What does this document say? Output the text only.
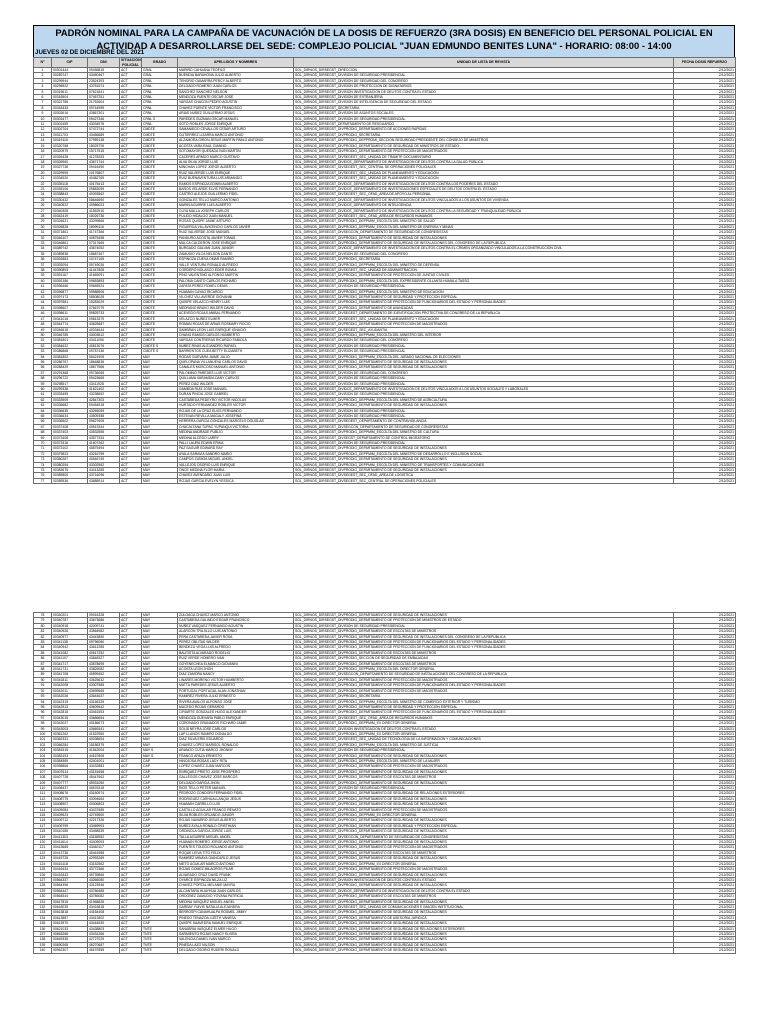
PADRÓN NOMINAL PARA LA CAMPAÑA DE VACUNACIÓN DE LA DOSIS DE REFUERZO (3RA DOSIS) EN BENEFICIO DEL PERSONAL POLICIAL EN ACTIVIDAD A DESARROLLARSE DEL SEDE: COMPLEJO POLICIAL "JUAN EDMUNDO BENITES LUNA" - HORARIO: 08:00 - 14:00
JUEVES 02 DE DICIEMBRE DEL 2021
N°	CIP	DNI	SITUACION POLICIAL	GRADO	APELLIDOS Y NOMBRES	UNIDAD DE LISTA DE REVISTA	FECHA DOSIS REFUERZO
1	00301444	09456815	ACT	GRAL	MARIÑO CAHUANA TEOFILO	SOL_DIRNOS_DIRSEGST_DIRECCION	2/12/2021
2	00289747	43450467	ACT	GRAL	BUENDIA BARAHONA JULIO ALBERTO	SOL_DIRNOS_DIRSEGST_DIVISION DE SEGURIDAD PRESIDENCIAL	2/12/2021
3	00299944	23524393	ACT	CRNL	TENORIO GAMARRA PERCY ALBERTO	SOL_DIRNOS_DIRSEGST_DIVISION DE SEGURIDAD DEL CONGRESO	2/12/2021
4	00296522	43781574	ACT	CRNL	DELGADO ROMERO JUAN CARLOS	SOL_DIRNOS_DIRSEGST_DIVISION DE PROTECCION DE DIGNATARIOS	2/12/2021
5	00315611	07621841	ACT	CRNL	SANCHEZ SANCHEZ NELSON	SOL_DIRNOS_DIRSEGST_DIVISION INVESTIGACION DE DELITOS CONTRA EL ESTADO	2/12/2021
6	00316504	07467251	ACT	CRNL	MENDOZA PUENTE OSCAR JOSE	SOL_DIRNOS_DIRSEGST_DIVISION DE EXTRANJERIA	2/12/2021
7	00322786	21752604	ACT	CRNL	VARGAS CHACON PEDRO AGUSTIN	SOL_DIRNOS_DIRSEGST_DIVISION DE INTELIGENCIA DE SEGURIDAD DEL ESTADO	2/12/2021
8	00318433	09744959	ACT	CRNL	CHAVEZ PUENTE VICTOR FRANCISCO	SOL_DIRNOS_DIRSEGST_SECRETARIA	2/12/2021
9	00302616	43867301	ACT	CRNL	ARIAS NUÑEZ GUILLERMO JESUS	SOL_DIRNOS_DIRSEGST_DIVISION DE ASUNTOS SOCIALES	2/12/2021
10	00303477	09427346	ACT	CRNL S	PAREDES GUZMAN OSCAR MANUEL	SOL_DIRNOS_DIRSEGST_DIVISION DE SEGURIDAD PRESIDENCIAL	2/12/2021
11	00302459	43034576	ACT	CRNL	SOTO ROBLES JORGE ENRIQUE	SOL_DIRNOS_DIRSEGST_DEPARTAMENTO DE RESGUARDO	2/12/2021
12	00302704	07472744	ACT	CMDTE	SAMANIEGO CEVALLOS CESAR ARTURO	SOL_DIRNOS_DIRSEGST_DIVPRODIG_DEPARTAMENTO DE ACCIONES RAPIDAS	2/12/2021
13	00311703	43456689	ACT	CMDTE	GUTIERREZ LIZARRA MARCO ANTONIO	SOL_DIRNOS_DIRSEGST_DIVPRODIG_SECRETARIA	2/12/2021
14	00319115	07959138	ACT	CMDTE	ALZAMORA GIRON JESUS MARTIN PABLO ANTONIO	SOL_DIRNOS_DIRSEGST_DIVPRODIG_DEPPROMI_SECCION SEGURIDAD PRESIDENTE DEL CONSEJO DE MINISTROS	2/12/2021
15	00320768	18025726	ACT	CMDTE	ACOSTA VARA RAUL GIANNO	SOL_DIRNOS_DIRSEGST_DIVPRODIG_DEPARTAMENTO DE SEGURIDAD DE MINISTROS DE ESTADO	2/12/2021
16	00320979	15717515	ACT	CMDTE	SOTOMAYOR QUESADA IVAN MARTIN	SOL_DIRNOS_DIRSEGST_DIVPRODIG_DEPARTAMENTO DE PROTECCION DE MAGISTRADOS	2/12/2021
17	00326428	41278253	ACT	CMDTE	CACERES ARMIJO MARCO GUSTAVO	SOL_DIRNOS_DIRSEGST_DIVSEGEST_SEC_UNIDAD DE TRAMITE DOCUMENTARIO	2/12/2021
18	00326960	43671744	ACT	CMDTE	ALVA SILVA JORGE LUIS	SOL_DIRNOS_DIRSEGST_DIVIDCE_DEPARTAMENTO DE INVESTIGACION DE DELITOS CONTRA LA SALUD PUBLICA	2/12/2021
19	00327736	09416490	ACT	CMDTE	MINCHAN LOPEZ JORGE ALBERTO	SOL_DIRNOS_DIRSEGST_DIVSEGEST_SEC_CENTRAL DE OPERACIONES POLICIALES	2/12/2021
20	00329995	10176807	ACT	CMDTE	RUIZ VALVERDE LUIS ENRIQUE	SOL_DIRNOS_DIRSEGST_DIVSEGEST_SEC_UNIDAD DE PLANEAMIENTO Y EDUCACION	2/12/2021
21	00334920	40482769	ACT	CMDTE	RUIZ BUENAVENTURA LUIS ARMANDO	SOL_DIRNOS_DIRSEGST_DIVSEGEST_SEC_UNIDAD DE PLANEAMIENTO Y EDUCACION	2/12/2021
22	00335118	40175413	ACT	CMDTE	RAMOS ESPINOZA EDWIN ALBERTO	SOL_DIRNOS_DIRSEGST_DIVIDCE_DEPARTAMENTO DE INVESTIGACION DE DELITOS CONTRA LOS PODERES DEL ESTADO	2/12/2021
23	00335106	09583059	ACT	CMDTE	BAÑOS VELARDE ELVIS FERNANDO	SOL_DIRNOS_DIRSEGST_DIVIDCE_DEPARTAMENTO DE INVESTIGACIONES ESPECIALES DE DELITOS CONTRA EL ESTADO	2/12/2021
24	00338843	40093562	ACT	CMDTE	CASTRO ALEJOS GUILLERMO FIDEL	SOL_DIRNOS_DIRSEGST_DIVSEGEST_SEC_OFAD_AREA DE APOYO AL PERSONAL	2/12/2021
25	00330432	08646690	ACT	CMDTE	GONZALES TELLO MARCO ANTONIO	SOL_DIRNOS_DIRSEGST_DIVIDCE_DEPARTAMENTO DE INVESTIGACION DE DELITOS VINCULADOS A LOS ASUNTOS DE VIVIENDA	2/12/2021
26	00340522	40986023	ACT	CMDTE	MARIN AGUIRRE LUIS ALBERTO	SOL_DIRNOS_DIRSEGST_DIVIDCE_DEPARTAMENTO DE INTELIGENCIA	2/12/2021
27	00340308	41562510	ACT	CMDTE	CUYA MALLA JOSEPH CARLOS	SOL_DIRNOS_DIRSEGST_DIVIDCE_DEPARTAMENTO DE INVESTIGACION DE DELITOS CONTRA LA SEGURIDAD Y TRANQUILIDAD PUBLICA	2/12/2021
28	00342419	18026736	ACT	CMDTE	PULIDO HIDALGO JUAN MANUEL	SOL_DIRNOS_DIRSEGST_DIVSEGEST_SEC_OFAD_AREA DE RECURSOS HUMANOS	2/12/2021
29	00326621	43299866	ACT	CMDTE	ROSAS QUISPE JAIME ARTURO	SOL_DIRNOS_DIRSEGST_DIVPRODIG_DEPPMIM_ESCOLTA DEL MINISTRO DE SALUD	2/12/2021
30	00326828	18099116	ACT	CMDTE	FIGUEROA VILLAVICENCIO CARLOS JAVIER	SOL_DIRNOS_DIRSEGST_DIVPRODIG_DEPPMIM_ESCOLTA DEL MINISTRO DE ENERGIA Y MINAS	2/12/2021
31	00371861	41747366	ACT	CMDTE	RUIZ VALVERDE JOSE MANUEL	SOL_DIRNOS_DIRSEGST_DIVSEGCON_DEPARTAMENTO DE SEGURIDAD DE CONGRESISTAS	2/12/2021
32	00346107	40875458	ACT	CMDTE	PANDURO ACOSTA JAVIER TOMAS	SOL_DIRNOS_DIRSEGST_DIVPRODIG_DEPARTAMENTO DE SEGURIDAD DE INSTALACIONES	2/12/2021
33	00346861	07317665	ACT	CMDTE	MALCA CALDERON JOSE ENRIQUE	SOL_DIRNOS_DIRSEGST_DIVPRODIG_DEPARTAMENTO DE SEGURIDAD DE INSTALACIONES DEL CONGRESO DE LA REPUBLICA	2/12/2021
34	00389742	43674052	ACT	CMDTE	BURGADO GALVAN JUAN JUNIOR	SOL_DIRNOS_DIRSEGST_DIVIDCE_DEPARTAMENTO DE INVESTIGACION DE DELITOS CONTRA EL CRIMEN ORGANIZADO VINCULADOS A LA CONSTRUCCION CIVIL	2/12/2021
35	00389838	18687467	ACT	CMDTE	ZAMUDIO VILCA NELSON DANTE	SOL_DIRNOS_DIRSEGST_DIVISION DE SEGURIDAD DEL CONGRESO	2/12/2021
36	00392883	10747165	ACT	CMDTE	ESPINOZA CUEVA OMAR RAMIRO	SOL_DIRNOS_DIRSEGST_DIVPRODIG_SECRETARIA	2/12/2021
37	00392094	09749026	ACT	CMDTE	VALLE VENTURA RONALD ALFREDO	SOL_DIRNOS_DIRSEGST_DIVPRODIG_DEPPMIM_ESCOLTA DEL MINISTRO DE DEFENSA	2/12/2021
38	00390893	41447808	ACT	CMDTE	CORDERO NOLASCO EDER ROMUL	SOL_DIRNOS_DIRSEGST_DIVSEGEST_SEC_UNIDAD DE ADMINISTRACION	2/12/2021
39	00391167	41669091	ACT	CMDTE	PINO VALENTINO ALFONSO MARTIN	SOL_DIRNOS_DIRSEGST_DIVPRODIG_DEPARTAMENTO DE PROTECCION DE JUNTAS CIVILES	2/12/2021
40	00392186	09653893	ACT	CMDTE	PALOMA CANTO CARLOS RICHARD	SOL_DIRNOS_DIRSEGST_DIVPRODIG_DEPPMIM_ESCOLTA DEL EXPRESIDENTE OLLANTA HUMALA TASSO	2/12/2021
41	00396466	09665924	ACT	CMDTE	ZAPATA PEREZ ROMEL DENIS	SOL_DIRNOS_DIRSEGST_DIVISION DE SEGURIDAD PRESIDENCIAL	2/12/2021
42	00396877	09588906	ACT	CMDTE	HUAMAN CAYAO RICARDO	SOL_DIRNOS_DIRSEGST_DIVPRODIG_DEPPMIM_ESCOLTA DEL MINISTRO DE EDUCACION	2/12/2021
43	00397473	08508028	ACT	CMDTE	VILCHEZ VILLAVERDE GIOVANNI	SOL_DIRNOS_DIRSEGST_DIVPRODIG_DEPARTAMENTO DE SEGURIDAD Y PROTECCION ESPECIAL	2/12/2021
44	00397881	15283029	ACT	CMDTE	QUISPE VELAZCO HENRY LUIS	SOL_DIRNOS_DIRSEGST_DIVPRODIG_DEPARTAMENTO DE PROTECCION DE FUNCIONARIOS DEL ESTADO Y PERSONALIDADES	2/12/2021
45	00398607	07667079	ACT	CMDTE	MEDRANO BRAVO WILDER DAVID	SOL_DIRNOS_DIRSEGST_DIVPRODIG_DEPARTAMENTO DE AVANZADAS	2/12/2021
46	00398611	09825733	ACT	CMDTE	ACEVEDO ROJAS ANIBAL FERNANDO	SOL_DIRNOS_DIRSEGST_DIVSEGEST_DEPARTAMENTO DE IDENTIFICACION PROTECTIVA DE CONGRESO DE LA REPUBLICA	2/12/2021
47	00341016	09813379	ACT	CMDTE	VELAZCO NUÑEZ ELMER	SOL_DIRNOS_DIRSEGST_DIVSEGEST_SEC_UNIDAD DE PLANEAMIENTO Y EDUCACION	2/12/2021
48	00344774	43625687	ACT	CMDTE	ROMAN ROJAS DE ARIAS ROSMARY ROCIO	SOL_DIRNOS_DIRSEGST_DIVPRODIG_DEPARTAMENTO DE PROTECCION DE MAGISTRADOS	2/12/2021
49	00346618	40034644	ACT	CMDTE	SAMBRAN LEON LUIS ENRIQUE IGNACIO	SOL_DIRNOS_DIRSEGST_DIVSEGEST_SEC_AYUDANTIA	2/12/2021
50	00346785	43003512	ACT	CMDTE	CHANG RAMOS CARLOS HUMBERTO	SOL_DIRNOS_DIRSEGST_DIVPRODIG_DEPPMIM_ESCOLTA DEL MINISTRO DEL INTERIOR	2/12/2021
51	00381801	43411096	ACT	CMDTE	VARGAS CONTRERAS RICARDO FABIOLA	SOL_DIRNOS_DIRSEGST_DIVISION DE SEGURIDAD DEL CONGRESO	2/12/2021
52	00384622	40813076	ACT	CMDTE S	NUÑEZ RIVAS ALEJANDRO RAFAEL	SOL_DIRNOS_DIRSEGST_DIVISION DE SEGURIDAD PRESIDENCIAL	2/12/2021
53	00386868	09787436	ACT	CMDTE S	BARRIENTOS CUEA BETTY ELIZABETH	SOL_DIRNOS_DIRSEGST_DIVISION DE SEGURIDAD PRESIDENCIAL	2/12/2021
54	00381802	06421905	ACT	MAY	RODAS GUEVARA JAIME JULIO	SOL_DIRNOS_DIRSEGST_DIVPRODIG_DEPPMIM_ESCOLTA DEL JURADO NACIONAL DE ELECCIONES	2/12/2021
55	00286767	18648836	ACT	MAY	QUELOPANA VILLANUEVA CARLOS DAVID	SOL_DIRNOS_DIRSEGST_DIVPRODIG_DEPARTAMENTO DE SEGURIDAD DE INSTALACIONES	2/12/2021
56	00288429	18677566	ACT	MAY	CANALES MOSCOSO MANUEL ANTONIO	SOL_DIRNOS_DIRSEGST_DIVPRODIG_DEPARTAMENTO DE SEGURIDAD DE INSTALACIONES	2/12/2021
57	00291368	09736065	ACT	MAY	PALOMINO PAREDES LUIS VICTOR	SOL_DIRNOS_DIRSEGST_DIVISION DE SEGURIDAD DEL CONGRESO	2/12/2021
58	00296722	09423665	ACT	MAY	QUILLAMA VARAMDIA DANY CARLOS	SOL_DIRNOS_DIRSEGST_DIVISION DE SEGURIDAD PRESIDENCIAL	2/12/2021
59	00298517	43411928	ACT	MAY	PEREZ DIAZ WILDER	SOL_DIRNOS_DIRSEGST_DIVISION DE SEGURIDAD PRESIDENCIAL	2/12/2021
60	00299336	41621402	ACT	MAY	GAMBOA RUIZ JOSE MANUEL	SOL_DIRNOS_DIRSEGST_DIVIDCE_DEPARTAMENTO DE INVESTIGACION DE DELITOS VINCULADOS A LOS ASUNTOS SOCIALES Y LABORALES	2/12/2021
61	00333459	43238652	ACT	MAY	DURAN PINCIA JOSE GABRIEL	SOL_DIRNOS_DIRSEGST_DIVISION DE SEGURIDAD PRESIDENCIAL	2/12/2021
62	00333909	42847303	ACT	MAY	CASTAÑEDA PEDEYRO VICTOR NICOLAS	SOL_DIRNOS_DIRSEGST_DIVPRODIG_DEPPMIM_ESCOLTA DEL MINISTRO DE AGRICULTURA	2/12/2021
63	00335682	09454518	ACT	MAY	HURTADO FERNANDEZ ROBLER VICTOR	SOL_DIRNOS_DIRSEGST_DIVPRODIG_DEPARTAMENTO DE SEGURIDAD DE INSTALACIONES	2/12/2021
64	00336635	43265059	ACT	MAY	ROJAS DE LA CRUZ ELVIS FERNANDO	SOL_DIRNOS_DIRSEGST_DIVISION DE SEGURIDAD PRESIDENCIAL	2/12/2021
65	00336634	43509358	ACT	MAY	ESTEVAN REVILLA MAGALY JOSEFINA	SOL_DIRNOS_DIRSEGST_DIVISION DE SEGURIDAD PRESIDENCIAL	2/12/2021
66	00336502	09627605	ACT	MAY	HERRERA GARCIA GONZALES MARCELO DOUGLAS	SOL_DIRNOS_DIRSEGST_DIVSEGEST_DEPARTAMENTO DE CONTRAVIGILANCIA	2/12/2021
67	00337408	40513344	ACT	MAY	CHACALTANA TUPAC YUPANQUI VICTORIA	SOL_DIRNOS_DIRSEGST_DIVSEGCON_DEPARTAMENTO DE SEGURIDAD DE CONGRESISTAS	2/12/2021
68	00337403	43532555	ACT	MAY	MEDINA ANDRADE PUBLIO	SOL_DIRNOS_DIRSEGST_DIVPRODIG_DEPPMIM_ESCOLTA DEL MINISTRO DE CULTURA	2/12/2021
69	00373408	43577334	ACT	MAY	MEDINA ALCEDO LARRY	SOL_DIRNOS_DIRSEGST_DIVSEGST_DEPARTAMENTO DE CONTROL MIGRATORIO	2/12/2021
70	00373316	41607262	ACT	MAY	PALLI LAURA EDWIN ERIKA	SOL_DIRNOS_DIRSEGST_DIVISION DE SEGURIDAD PRESIDENCIAL	2/12/2021
71	00373102	40875494	ACT	MAY	PAZ SAGUIR EDWARD RAY	SOL_DIRNOS_DIRSEGST_DIVPRODIG_DEPARTAMENTO DE SEGURIDAD DE INSTALACIONES	2/12/2021
72	00379823	43216759	ACT	MAY	AYALA SARAVIA SANDRO MARIO	SOL_DIRNOS_DIRSEGST_DIVPRODIG_DEPPMIM_ESCOLTA DEL MINISTRO DE DESARROLLO E INCLUSION SOCIAL	2/12/2021
73	00380287	40546749	ACT	MAY	CAMPOS ZUÑIGA MIGUEL ANGEL	SOL_DIRNOS_DIRSEGST_DIVPRODIG_DEPARTAMENTO DE SEGURIDAD DE INSTALACIONES	2/12/2021
74	00380294	43302982	ACT	MAY	VALLEJOS OSORIO LUIS ENRIQUE	SOL_DIRNOS_DIRSEGST_DIVPRODIG_DEPPMIM_ESCOLTA DEL MINISTRO DE TRANSPORTES Y COMUNICACIONES	2/12/2021
75	00383675	43413285	ACT	MAY	ONCE MEDINA FLOR MARIA	SOL_DIRNOS_DIRSEGST_DIVPRODIG_DEPARTAMENTO DE SEGURIDAD DE INSTALACIONES	2/12/2021
76	00389500	43716096	ACT	MAY	CHAVEZ AVENDAÑO JUAN LUIS	SOL_DIRNOS_DIRSEGST_DIVSEGEST_SEC_OFAD_AREA DE LOGISTICA	2/12/2021
77	00389536	43688914	ACT	MAY	ROJAS GARCIA EVELYN YESSICA	SOL_DIRNOS_DIRSEGST_DIVSEGEST_SEC_CENTRAL DE OPERACIONES POLICIALES	2/12/2021
78	00340201	09016328	ACT	MAY	ZULOAGA CHAVEZ MARCO ANTONIO	SOL_DIRNOS_DIRSEGST_DIVPRODIG_DEPARTAMENTO DE SEGURIDAD DE INSTALACIONES	2/12/2021
79	00340787	43673686	ACT	MAY	CASTAÑEDA GALINDO EDGAR FRANCISCO	SOL_DIRNOS_DIRSEGST_DIVPRODIG_DEPARTAMENTO DE PROTECCION DE MINISTROS DE ESTADO	2/12/2021
80	00340918	42009741	ACT	MAY	NUÑEZ VASQUEZ FERNANDO AGUSTIN	SOL_DIRNOS_DIRSEGST_DIVISION DE SEGURIDAD PRESIDENCIAL	2/12/2021
81	00340926	43564982	ACT	MAY	ALARCON TRUJILLO LUIS ANTONIO	SOL_DIRNOS_DIRSEGST_DIVPRODIG_DEPARTAMENTO DE ESCOLTAS DE MINISTROS	2/12/2021
82	00340977	43443850	ACT	MAY	PEÑA CASTAÑEDA JAVIER ROSA	SOL_DIRNOS_DIRSEGST_DIVPRODIG_DEPARTAMENTO DE SEGURIDAD DE INSTALACIONES DEL CONGRESO DE LA REPUBLICA	2/12/2021
83	00341138	09796080	ACT	MAY	PEREZ OBLITAS WILDER	SOL_DIRNOS_DIRSEGST_DIVPRODIG_DEPARTAMENTO DE PROTECCION DE FUNCIONARIOS DEL ESTADO Y PERSONALIDADES	2/12/2021
84	00340942	43612285	ACT	MAY	BENDEZU VEGA LUIS ALFREDO	SOL_DIRNOS_DIRSEGST_DIVPRODIG_DEPARTAMENTO DE PROTECCION DE FUNCIONARIOS DEL ESTADO Y PERSONALIDADES	2/12/2021
85	00341082	40617252	ACT	MAY	BAUTISTA ALVARADO ROGELIO	SOL_DIRNOS_DIRSEGST_DIVPRODIG_DEPARTAMENTO DE ESCOLTAS DE MINISTROS	2/12/2021
86	00341107	43648327	ACT	MAY	RUIZ VERDE HOMERO IVAN	SOL_DIRNOS_DIRSEGST_DIVPRODIG_SECCION DE SEGURIDAD DE EMBAJADAS	2/12/2021
87	00341717	43878695	ACT	MAY	GOYENECHEA ELMANCO GIOVANNI	SOL_DIRNOS_DIRSEGST_DIVPRODIG_DEPARTAMENTO DE ESCOLTAS DE MINISTROS	2/12/2021
88	00341731	43825082	ACT	MAY	ACOSTA LEON JHON	SOL_DIRNOS_DIRSEGST_DIVPRODIG_DEPPMIM_ESCOLTA DEL DIRECTOR GENERAL	2/12/2021
89	00341708	40599452	ACT	MAY	DIAZ ZAMORA NANCY	SOL_DIRNOS_DIRSEGST_DIVSEGCON_DEPARTAMENTO DE SEGURIDAD DE INSTALACIONES DEL CONGRESO DE LA REPUBLICA	2/12/2021
90	00341811	43625632	ACT	MAY	LINARES MORENO VICTOR HUMBERTO	SOL_DIRNOS_DIRSEGST_DIVPRODIG_DEPARTAMENTO DE PROTECCION DE MAGISTRADOS	2/12/2021
91	00342008	43307585	ACT	MAY	MATTA PAREDES JESUS ALBERTO	SOL_DIRNOS_DIRSEGST_DIVPRODIG_DEPARTAMENTO DE PROTECCION DE FUNCIONARIOS DEL ESTADO Y PERSONALIDADES	2/12/2021
92	00342011	43695565	ACT	MAY	PORTUGAL PORTUGAL ALAN JONATHAN	SOL_DIRNOS_DIRSEGST_DIVPRODIG_DEPARTAMENTO DE PROTECCION DE MAGISTRADOS	2/12/2021
93	00342026	43644637	ACT	MAY	RAMIREZ RIVERA JULIO ERNESTO	SOL_DIRNOS_DIRSEGST_DIVPRODIG_SECRETARIA	2/12/2021
94	00342319	43166339	ACT	MAY	RIVERA AVALOS ALFONSO JOSE	SOL_DIRNOS_DIRSEGST_DIVPRODIG_DEPPMIM_ESCOLTA DEL MINISTRO DE COMERCIO EXTERIOR Y TURISMO	2/12/2021
95	00342513	43609542	ACT	MAY	MACEDO ROJAS GERARDO	SOL_DIRNOS_DIRSEGST_DIVPRODIG_DEPARTAMENTO DE SEGURIDAD Y PROTECCION ESPECIAL	2/12/2021
96	00342818	43461553	ACT	MAY	CIRIARTE GONZALES HUGO ALEXANDER	SOL_DIRNOS_DIRSEGST_DIVPRODIG_DEPARTAMENTO DE PROTECCION DE FUNCIONARIOS DEL ESTADO Y PERSONALIDADES	2/12/2021
97	00343015	43686654	ACT	MAY	MENDOZA GUEVARA PABLO ENRIQUE	SOL_DIRNOS_DIRSEGST_DIVSEGEST_SEC_OFAD_AREA DE RECURSOS HUMANOS	2/12/2021
98	00343037	40186673	ACT	MAY	CORONADO GRANADOS RICHARD JAIME	SOL_DIRNOS_DIRSEGST_DIVPRODIG_DEPPMIM_EX DIRECTOR GENERAL	2/12/2021
99	00343003	43669341	ACT	MAY	SOLIS NEYRA JOSE CARLOS	SOL_DIRNOS_DIRSEGST_DIVISION INVESTIGACION DE DELITOS CONTRA EL ESTADO	2/12/2021
100	00361262	41522950	ACT	MAY	LAP LLANOS RAMIRO DONALDO	SOL_DIRNOS_DIRSEGST_DIVPRODIG_DEPPMIM_EX DIRECTOR GENERAL	2/12/2021
101	00362331	40038694	ACT	MAY	DIAZ SILVA ERIK EDUARDO	SOL_DIRNOS_DIRSEGST_DIVSEGEST_SEC_UNIDAD DE TECNOLOGIA DE LA INFORMACION Y COMUNICACIONES	2/12/2021
102	00366284	18186379	ACT	MAY	CHAVEZ LOPEZ MARISOL RONALDO	SOL_DIRNOS_DIRSEGST_DIVPRODIG_DEPPMIM_ESCOLTA DEL MINISTRO DE JUSTICIA	2/12/2021
103	00381515	41542004	ACT	MAY S	ARANGO CUTIA MARCO JHONNY	SOL_DIRNOS_DIRSEGST_DIVISION DE SEGURIDAD PRESIDENCIAL	2/12/2021
104	00383193	44167808	ACT	MAY S	FRANCO APAZA ERNESTO	SOL_DIRNOS_DIRSEGST_DIVPRODIG_DEPARTAMENTO DE SEGURIDAD DE INSTALACIONES	2/12/2021
105	00384589	42401001	ACT	CAP	HINOJOSA ROSAS LADY RITA	SOL_DIRNOS_DIRSEGST_DIVPRODIG_DEPPMIM_ESCOLTA DEL MINISTRO DE LA MUJER	2/12/2021
106	00398866	43432883	ACT	CAP	LOPEZ CHAVEZ JUAN MARCOS	SOL_DIRNOS_DIRSEGST_DIVPRODIG_DEPARTAMENTO DE PROTECCION DE MAGISTRADOS	2/12/2021
107	00407614	43151658	ACT	CAP	ENRIQUEZ PRIETO JOSE PROSPERO	SOL_DIRNOS_DIRSEGST_DIVPRODIG_DEPARTAMENTO DE SEGURIDAD DE INSTALACIONES	2/12/2021
108	00407728	45447662	ACT	CAP	GALLEGOS CHAVEZ JOSE MARCOS	SOL_DIRNOS_DIRSEGST_DIVPRODIG_DEPARTAMENTO DE ESCOLTAS DE MINISTROS	2/12/2021
109	00407777	45931050	ACT	CAP	DELGADO GARCIA JHON	SOL_DIRNOS_DIRSEGST_DIVPRODIG_DEPARTAMENTO DE SEGURIDAD DE INSTALACIONES	2/12/2021
110	00408437	40676318	ACT	CAP	RIOS TELLO PETER MANUEL	SOL_DIRNOS_DIRSEGST_DIVISION DE SEGURIDAD PRESIDENCIAL	2/12/2021
111	00408676	43180574	ACT	CAP	PEDROZO CONDORI FERNANDO FIDEL	SOL_DIRNOS_DIRSEGST_DIVPRODIG_DEPARTAMENTO DE SEGURIDAD DE RELACIONES EXTERIORES	2/12/2021
112	00408775	43094664	ACT	CAP	RODRIGUEZ CARHUALLANQUI JESUS	SOL_DIRNOS_DIRSEGST_DIVPRODIG_DEPARTAMENTO DE SEGURIDAD DE INSTALACIONES	2/12/2021
113	00408907	40306803	ACT	CAP	HUAMAN CARRILLO LUIS	SOL_DIRNOS_DIRSEGST_DIVPRODIG_DEPARTAMENTO DE SEGURIDAD DE INSTALACIONES	2/12/2021
114	00409084	43437685	ACT	CAP	CASTILLO AGUILAR FRANCO RENATO	SOL_DIRNOS_DIRSEGST_DIVPRODIG_DEPARTAMENTO DE PROTECCION DE MAGISTRADOS	2/12/2021
115	00409523	42749500	ACT	CAP	SILVA ROBLES ORLANDO JUNIOR	SOL_DIRNOS_DIRSEGST_DIVPRODIG_DEPPMIM_EX DIRECTOR GENERAL	2/12/2021
116	00409712	42217326	ACT	CAP	ROJAS NAVARRO JESUS ALBERTO	SOL_DIRNOS_DIRSEGST_DIVPRODIG_DEPARTAMENTO DE SEGURIDAD DE INSTALACIONES	2/12/2021
117	00409799	43469993	ACT	CAP	NUÑEZ AYALA RONALD CRISTHIAN	SOL_DIRNOS_DIRSEGST_DIVPRODIG_DEPARTAMENTO DE SEGURIDAD Y PROTECCION ESPECIAL	2/12/2021
118	00410185	43458539	ACT	CAP	ORDINOLA GARCIA JORGE LUIS	SOL_DIRNOS_DIRSEGST_DIVPRODIG_DEPARTAMENTO DE SEGURIDAD DE INSTALACIONES	2/12/2021
119	00411303	43185952	ACT	CAP	TALLA AGUIRRE MIGUEL ANGEL	SOL_DIRNOS_DIRSEGST_DIVSEGCON_DEPARTAMENTO DE SEGURIDAD DE CONGRESISTAS	2/12/2021
120	00411614	43409093	ACT	CAP	HUAMAN ROMERO JORGE ANTONIO	SOL_DIRNOS_DIRSEGST_DIVPRODIG_DEPARTAMENTO DE SEGURIDAD DE INSTALACIONES	2/12/2021
121	00413665	43462117	ACT	CAP	FUENTES TOLEDO ROLANDO ANTONIO	SOL_DIRNOS_DIRSEGST_DIVPRODIG_DEPARTAMENTO DE PROTECCION DE MAGISTRADOS	2/12/2021
122	00413736	45461988	ACT	CAP	ROQUE LEIVA TITO FELIX	SOL_DIRNOS_DIRSEGST_DIVPRODIG_DEPARTAMENTO DE ESCOLTAS DE MINISTROS	2/12/2021
123	00415725	42993269	ACT	CAP	RAMIREZ MINAYA GIANCARLO JESUS	SOL_DIRNOS_DIRSEGST_DIVPRODIG_DEPARTAMENTO DE SEGURIDAD DE INSTALACIONES	2/12/2021
124	00416118	43152562	ACT	CAP	NIETO AGUILAR MARCO ANTONIO	SOL_DIRNOS_DIRSEGST_DIVPRODIG_DEPPMIM_EX DIRECTOR GENERAL	2/12/2021
125	00416434	43772366	ACT	CAP	ROJAS GOMEZ MILAGROS PILAR	SOL_DIRNOS_DIRSEGST_DIVPRODIG_DEPARTAMENTO DE PROTECCION DE MAGISTRADOS	2/12/2021
126	00416443	45739866	ACT	CAP	ALVARADO CRUZ DAVID FRANK	SOL_DIRNOS_DIRSEGST_DIVPRODIG_DEPARTAMENTO DE SEGURIDAD DE INSTALACIONES	2/12/2021
127	00564337	43266080	ACT	CAP	OYARCE ESPINOZA NILZA LIZ	SOL_DIRNOS_DIRSEGST_DIVISION INVESTIGACION DE DELITOS CONTRA EL ESTADO	2/12/2021
128	00564396	43123946	ACT	CAP	CHAVEZ PORTAL MELANIE MAYRA	SOL_DIRNOS_DIRSEGST_DIVPRODIG_DEPARTAMENTO DE SEGURIDAD DE INSTALACIONES	2/12/2021
129	00564447	43766485	ACT	CAP	ALCANTARA HUAYHUA JUAN CARLOS	SOL_DIRNOS_DIRSEGST_DIVIDCE_DEPARTAMENTO DE INVESTIGACION DE DELITOS CONTRA EL ESTADO	2/12/2021
130	00564544	43785082	ACT	CAP	ORDOÑEZ ZAMUDIO YOVANA PATRICIA	SOL_DIRNOS_DIRSEGST_DIVPRODIG_DEPARTAMENTO DE ESCOLTAS DE MINISTROS	2/12/2021
131	00617815	41968826	ACT	CAP	MEDINA VASQUEZ MIGUEL ANGEL	SOL_DIRNOS_DIRSEGST_DIVPRODIG_DEPARTAMENTO DE SEGURIDAD DE INSTALACIONES	2/12/2021
132	00618035	43416818	ACT	CAP	GARBAY YUIVIS NATALIA ALEJANDRA	SOL_DIRNOS_DIRSEGST_DIVSEGEST_SEC_UNIDAD DE COMUNICACIONES E IMAGEN INSTITUCIONAL	2/12/2021
133	00613818	44164408	ACT	CAP	BERROSPI CANAHUALPA ROSMEL JIMMY	SOL_DIRNOS_DIRSEGST_DIVPRODIG_DEPARTAMENTO DE SEGURIDAD DE INSTALACIONES	2/12/2021
134	00613887	43412802	ACT	CAP	PINEDO TENAZOA LIZETH VANESA	SOL_DIRNOS_DIRSEGST_DIVPRODIG_DEPARTAMENTO DE ASESORIA JURIDICA	2/12/2021
135	00613970	43444530	ACT	CAP	QUISPE SAAVEDRA SAMUEL ENRIQUE	SOL_DIRNOS_DIRSEGST_DIVPRODIG_DEPARTAMENTO DE SEGURIDAD DE INSTALACIONES	2/12/2021
136	00621033	43438803	ACT	TNTE	SANABRIA VASQUEZ ELMER HUGO	SOL_DIRNOS_DIRSEGST_DIVPRODIG_DEPARTAMENTO DE SEGURIDAD DE RELACIONES EXTERIORES	2/12/2021
137	00663266	43431266	ACT	TNTE	SARMIENTO ROJAS NANCY ELVIRA	SOL_DIRNOS_DIRSEGST_DIVPRODIG_DEPARTAMENTO DE SEGURIDAD DE INSTALACIONES	2/12/2021
138	00649335	42727025	ACT	TNTE	VALENCIA DANIEL IVAN MARCO	SOL_DIRNOS_DIRSEGST_DIVPRODIG_DEPARTAMENTO DE SEGURIDAD DE INSTALACIONES	2/12/2021
139	00690265	46270687	ACT	TNTE	PINEDA LAZO NILSON	SOL_DIRNOS_DIRSEGST_DIVPRODIG_DEPARTAMENTO DE SEGURIDAD DE INSTALACIONES	2/12/2021
140	00962307	46197855	ACT	TNTE	DELGADO OSORIO RUDERI RONALD	SOL_DIRNOS_DIRSEGST_DIVPRODIG_DEPARTAMENTO DE SEGURIDAD DE INSTALACIONES	2/12/2021
